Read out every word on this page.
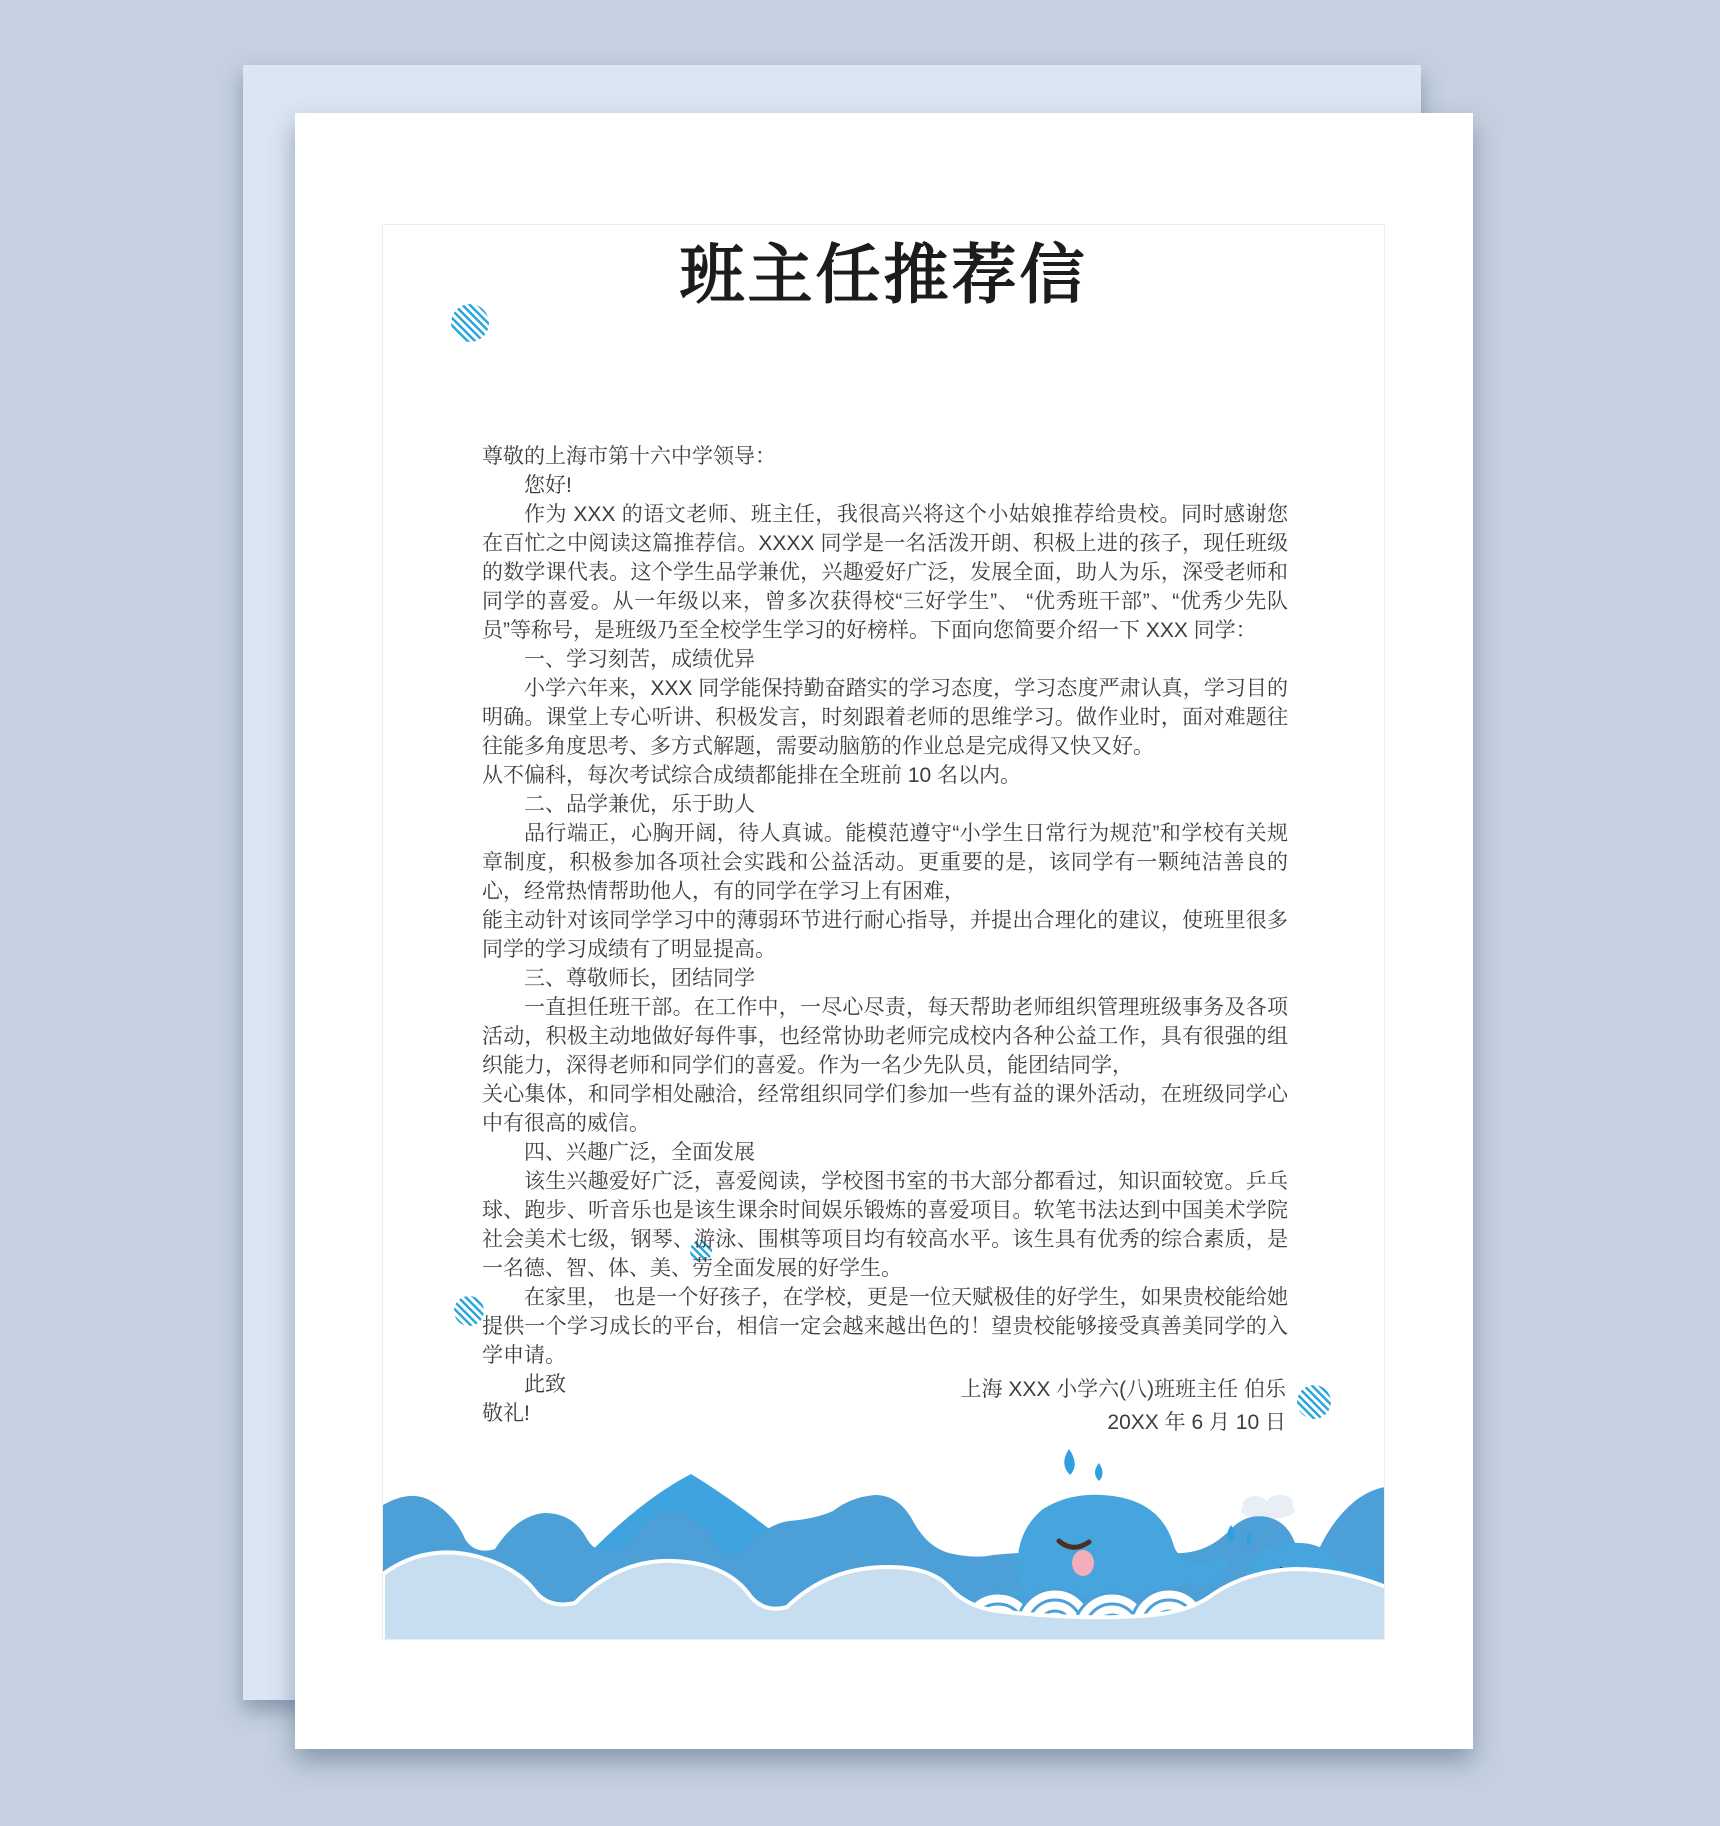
班主任推荐信

尊敬的上海市第十六中学领导：

您好!

作为 XXX 的语文老师、班主任，我很高兴将这个小姑娘推荐给贵校。同时感谢您在百忙之中阅读这篇推荐信。XXXX 同学是一名活泼开朗、积极上进的孩子，现任班级的数学课代表。这个学生品学兼优，兴趣爱好广泛，发展全面，助人为乐，深受老师和同学的喜爱。从一年级以来，曾多次获得校“三好学生”、 “优秀班干部”、“优秀少先队员”等称号，是班级乃至全校学生学习的好榜样。下面向您简要介绍一下 XXX 同学：

一、学习刻苦，成绩优异

小学六年来，XXX 同学能保持勤奋踏实的学习态度，学习态度严肃认真，学习目的明确。课堂上专心听讲、积极发言，时刻跟着老师的思维学习。做作业时，面对难题往往能多角度思考、多方式解题，需要动脑筋的作业总是完成得又快又好。

从不偏科，每次考试综合成绩都能排在全班前 10 名以内。

二、品学兼优，乐于助人

品行端正，心胸开阔，待人真诚。能模范遵守“小学生日常行为规范”和学校有关规章制度，积极参加各项社会实践和公益活动。更重要的是，该同学有一颗纯洁善良的心，经常热情帮助他人，有的同学在学习上有困难，

能主动针对该同学学习中的薄弱环节进行耐心指导，并提出合理化的建议，使班里很多同学的学习成绩有了明显提高。

三、尊敬师长，团结同学

一直担任班干部。在工作中，一尽心尽责，每天帮助老师组织管理班级事务及各项活动，积极主动地做好每件事，也经常协助老师完成校内各种公益工作，具有很强的组织能力，深得老师和同学们的喜爱。作为一名少先队员，能团结同学，

关心集体，和同学相处融洽，经常组织同学们参加一些有益的课外活动，在班级同学心中有很高的威信。

四、兴趣广泛，全面发展

该生兴趣爱好广泛，喜爱阅读，学校图书室的书大部分都看过，知识面较宽。乒乓球、跑步、听音乐也是该生课余时间娱乐锻炼的喜爱项目。软笔书法达到中国美术学院社会美术七级，钢琴、游泳、围棋等项目均有较高水平。该生具有优秀的综合素质，是一名德、智、体、美、劳全面发展的好学生。

在家里， 也是一个好孩子，在学校，更是一位天赋极佳的好学生，如果贵校能给她提供一个学习成长的平台，相信一定会越来越出色的！望贵校能够接受真善美同学的入学申请。

此致

敬礼!

上海 XXX 小学六(八)班班主任 伯乐
20XX 年 6 月 10 日
